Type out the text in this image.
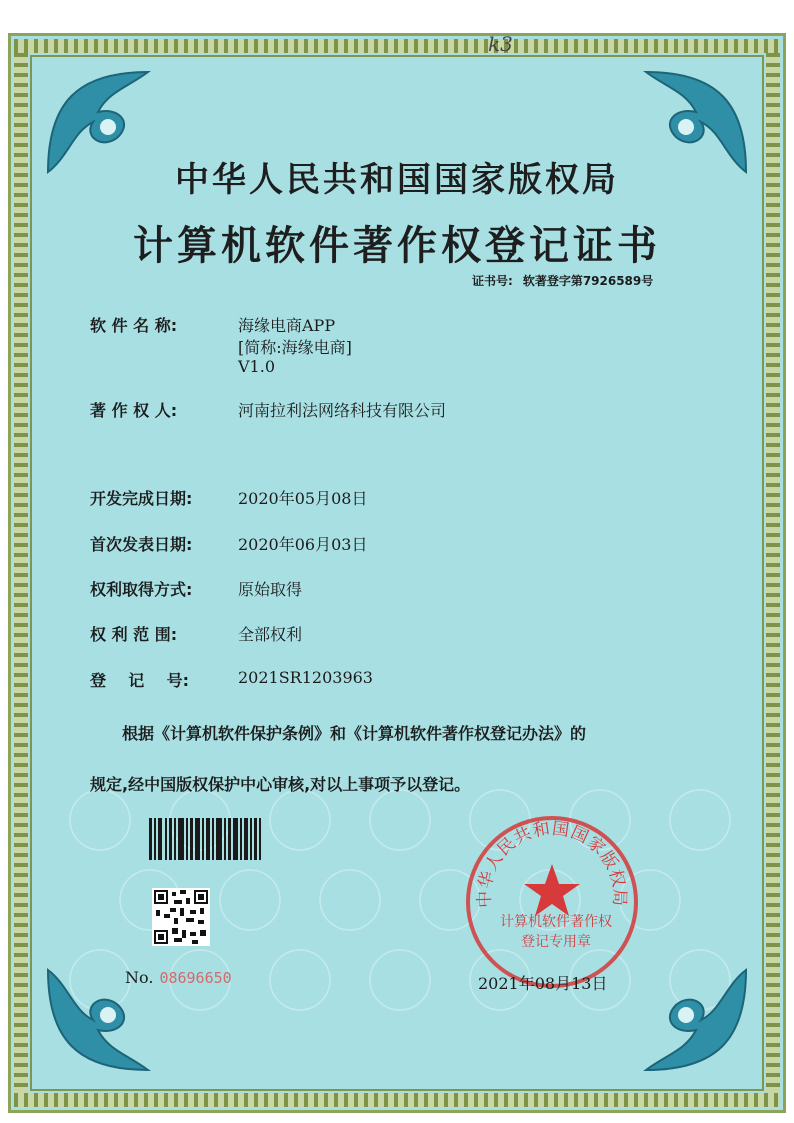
k3
中华人民共和国国家版权局
计算机软件著作权登记证书
证书号: 软著登字第7926589号
软 件 名 称:	海缘电商APP
[简称:海缘电商]
V1.0
著 作 权 人:	河南拉利法网络科技有限公司
开发完成日期:	2020年05月08日
首次发表日期:	2020年06月03日
权利取得方式:	原始取得
权 利 范 围:	全部权利
登    记    号:	2021SR1203963
根据《计算机软件保护条例》和《计算机软件著作权登记办法》的
规定,经中国版权保护中心审核,对以上事项予以登记。
No. 08696650
中华人民共和国国家版权局
计算机软件著作权
登记专用章
2021年08月13日
